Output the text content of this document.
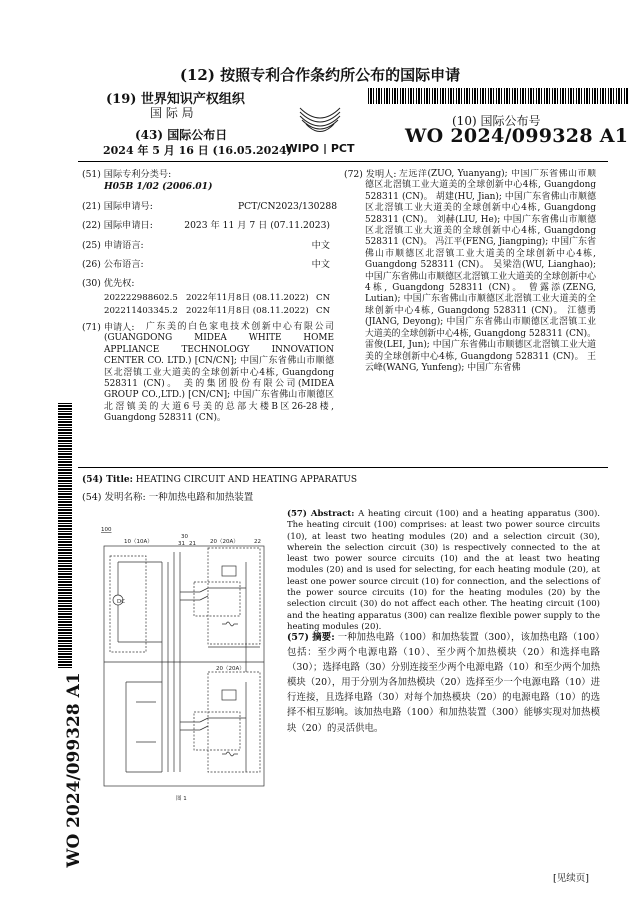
(12) 按照专利合作条约所公布的国际申请
(19) 世界知识产权组织
国 际 局
(43) 国际公布日
2024 年 5 月 16 日 (16.05.2024)
WIPO | PCT
(10) 国际公布号
WO 2024/099328 A1
WO 2024/099328 A1
(51) 国际专利分类号:
H05B 1/02 (2006.01)
(21) 国际申请号:	PCT/CN2023/130288
(22) 国际申请日:	2023 年 11 月 7 日 (07.11.2023)
(25) 申请语言:	中文
(26) 公布语言:	中文
(30) 优先权:
202222988602.5 2022年11月8日 (08.11.2022) CN
202211403345.2 2022年11月8日 (08.11.2022) CN
(71) 申请人:	广东美的白色家电技术创新中心有限公司 (GUANGDONG MIDEA WHITE HOME APPLIANCE TECHNOLOGY INNOVATION CENTER CO. LTD.) [CN/CN]; 中国广东省佛山市顺德区北滘镇工业大道美的全球创新中心4栋, Guangdong 528311 (CN)。 美的集团股份有限公司(MIDEA GROUP CO.,LTD.) [CN/CN]; 中国广东省佛山市顺德区北滘镇美的大道6号美的总部大楼B区26-28楼, Guangdong 528311 (CN)。
(72) 发明人: 左远洋(ZUO, Yuanyang); 中国广东省佛山市顺德区北滘镇工业大道美的全球创新中心4栋, Guangdong 528311 (CN)。 胡建(HU, Jian); 中国广东省佛山市顺德区北滘镇工业大道美的全球创新中心4栋, Guangdong 528311 (CN)。 刘赫(LIU, He); 中国广东省佛山市顺德区北滘镇工业大道美的全球创新中心4栋, Guangdong 528311 (CN)。 冯江平(FENG, Jiangping); 中国广东省佛山市顺德区北滘镇工业大道美的全球创新中心4栋, Guangdong 528311 (CN)。 吴梁浩(WU, Lianghao); 中国广东省佛山市顺德区北滘镇工业大道美的全球创新中心4栋, Guangdong 528311 (CN)。 曾露添(ZENG, Lutian); 中国广东省佛山市顺德区北滘镇工业大道美的全球创新中心4栋, Guangdong 528311 (CN)。 江德勇(JIANG, Deyong); 中国广东省佛山市顺德区北滘镇工业大道美的全球创新中心4栋, Guangdong 528311 (CN)。 雷俊(LEI, Jun); 中国广东省佛山市顺德区北滘镇工业大道美的全球创新中心4栋, Guangdong 528311 (CN)。 王云峰(WANG, Yunfeng); 中国广东省佛
(54) Title: HEATING CIRCUIT AND HEATING APPARATUS
(54) 发明名称: 一种加热电路和加热装置
(57) Abstract: A heating circuit (100) and a heating apparatus (300). The heating circuit (100) comprises: at least two power source circuits (10), at least two heating modules (20) and a selection circuit (30), wherein the selection circuit (30) is respectively connected to the at least two power source circuits (10) and the at least two heating modules (20) and is used for selecting, for each heating module (20), at least one power source circuit (10) for connection, and the selections of the power source circuits (10) for the heating modules (20) by the selection circuit (30) do not affect each other. The heating circuit (100) and the heating apparatus (300) can realize flexible power supply to the heating modules (20).
(57) 摘要: 一种加热电路（100）和加热装置（300），该加热电路（100）包括：至少两个电源电路（10）、至少两个加热模块（20）和选择电路（30）；选择电路（30）分别连接至少两个电源电路（10）和至少两个加热模块（20），用于分别为各加热模块（20）选择至少一个电源电路（10）进行连接，且选择电路（30）对每个加热模块（20）的电源电路（10）的选择不相互影响。该加热电路（100）和加热装置（300）能够实现对加热模块（20）的灵活供电。
100
10（10A）
30
31 21	20（20A）	22
20（20A）
DC
图 1
[见续页]
